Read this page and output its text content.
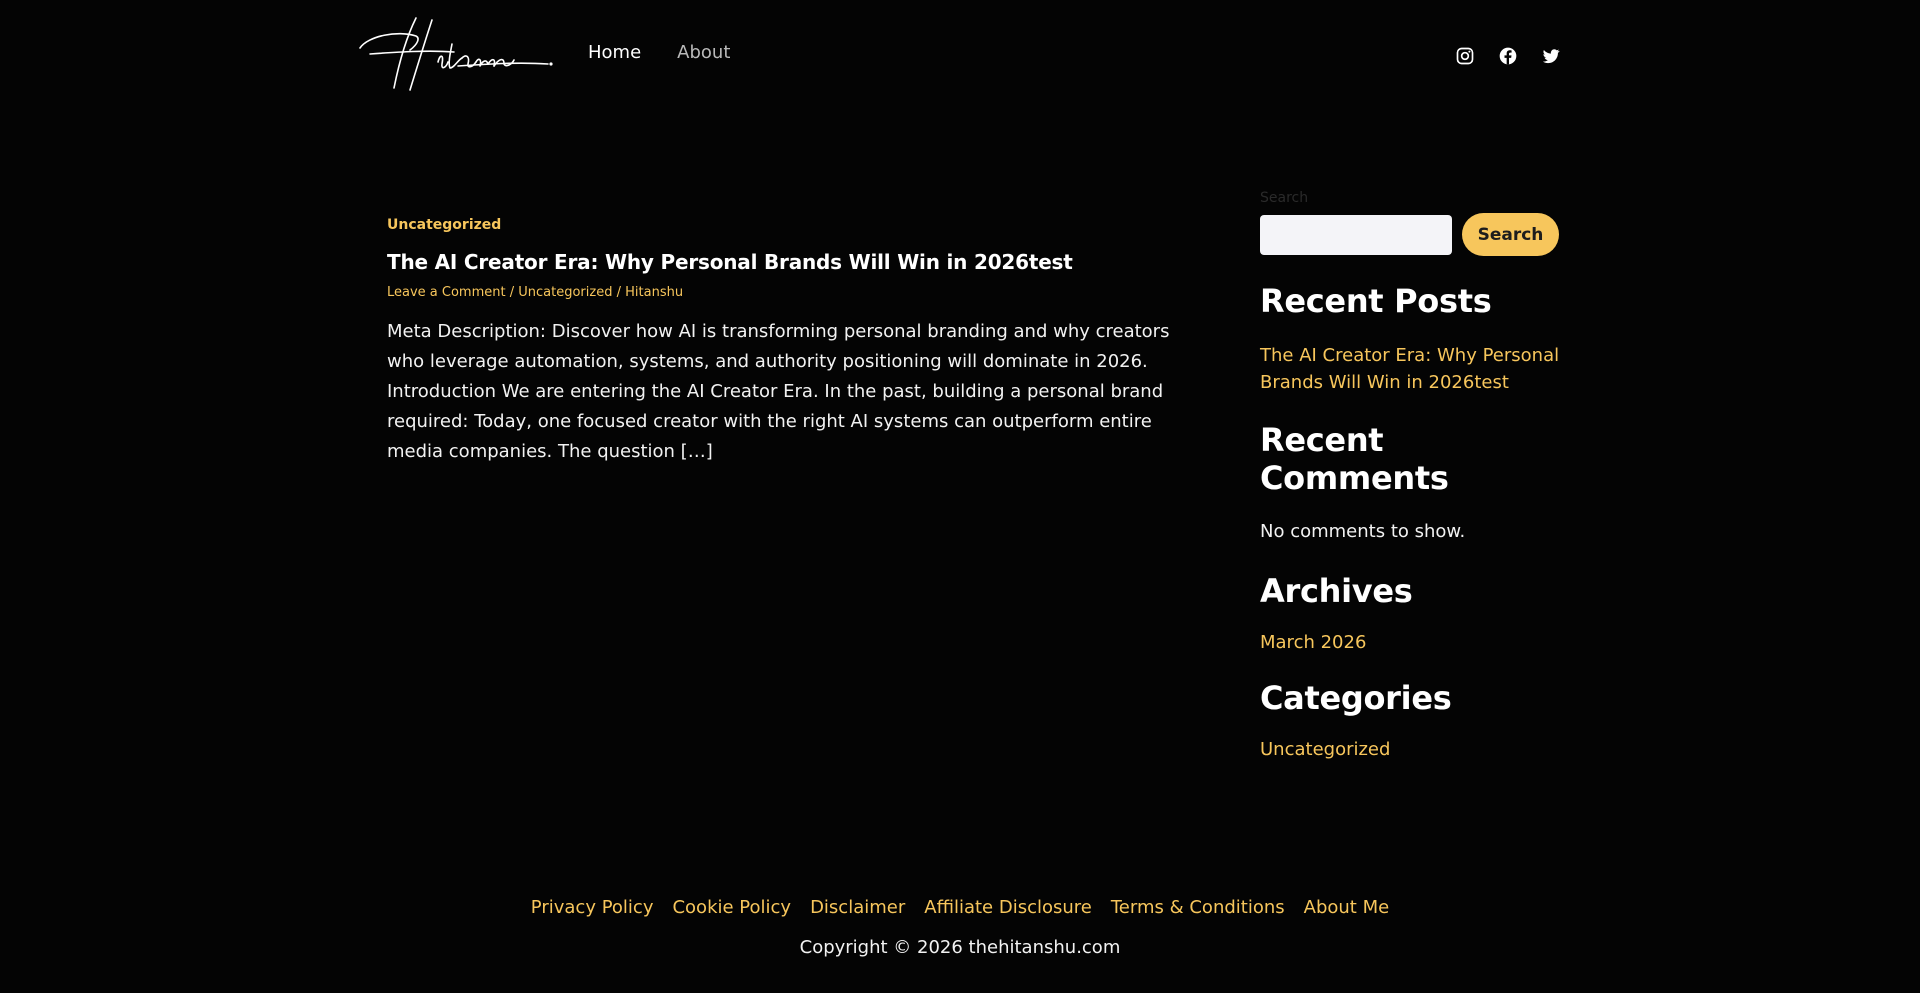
Home About
Uncategorized
The AI Creator Era: Why Personal Brands Will Win in 2026test
Leave a Comment / Uncategorized / Hitanshu

Meta Description: Discover how AI is transforming personal branding and why creators who leverage automation, systems, and authority positioning will dominate in 2026. Introduction We are entering the AI Creator Era. In the past, building a personal brand required: Today, one focused creator with the right AI systems can outperform entire media companies. The question […]

Search
Search
Recent Posts
The AI Creator Era: Why Personal Brands Will Win in 2026test
Recent Comments
No comments to show.
Archives
March 2026
Categories
Uncategorized
Privacy Policy Cookie Policy Disclaimer Affiliate Disclosure Terms & Conditions About Me
Copyright © 2026 thehitanshu.com
